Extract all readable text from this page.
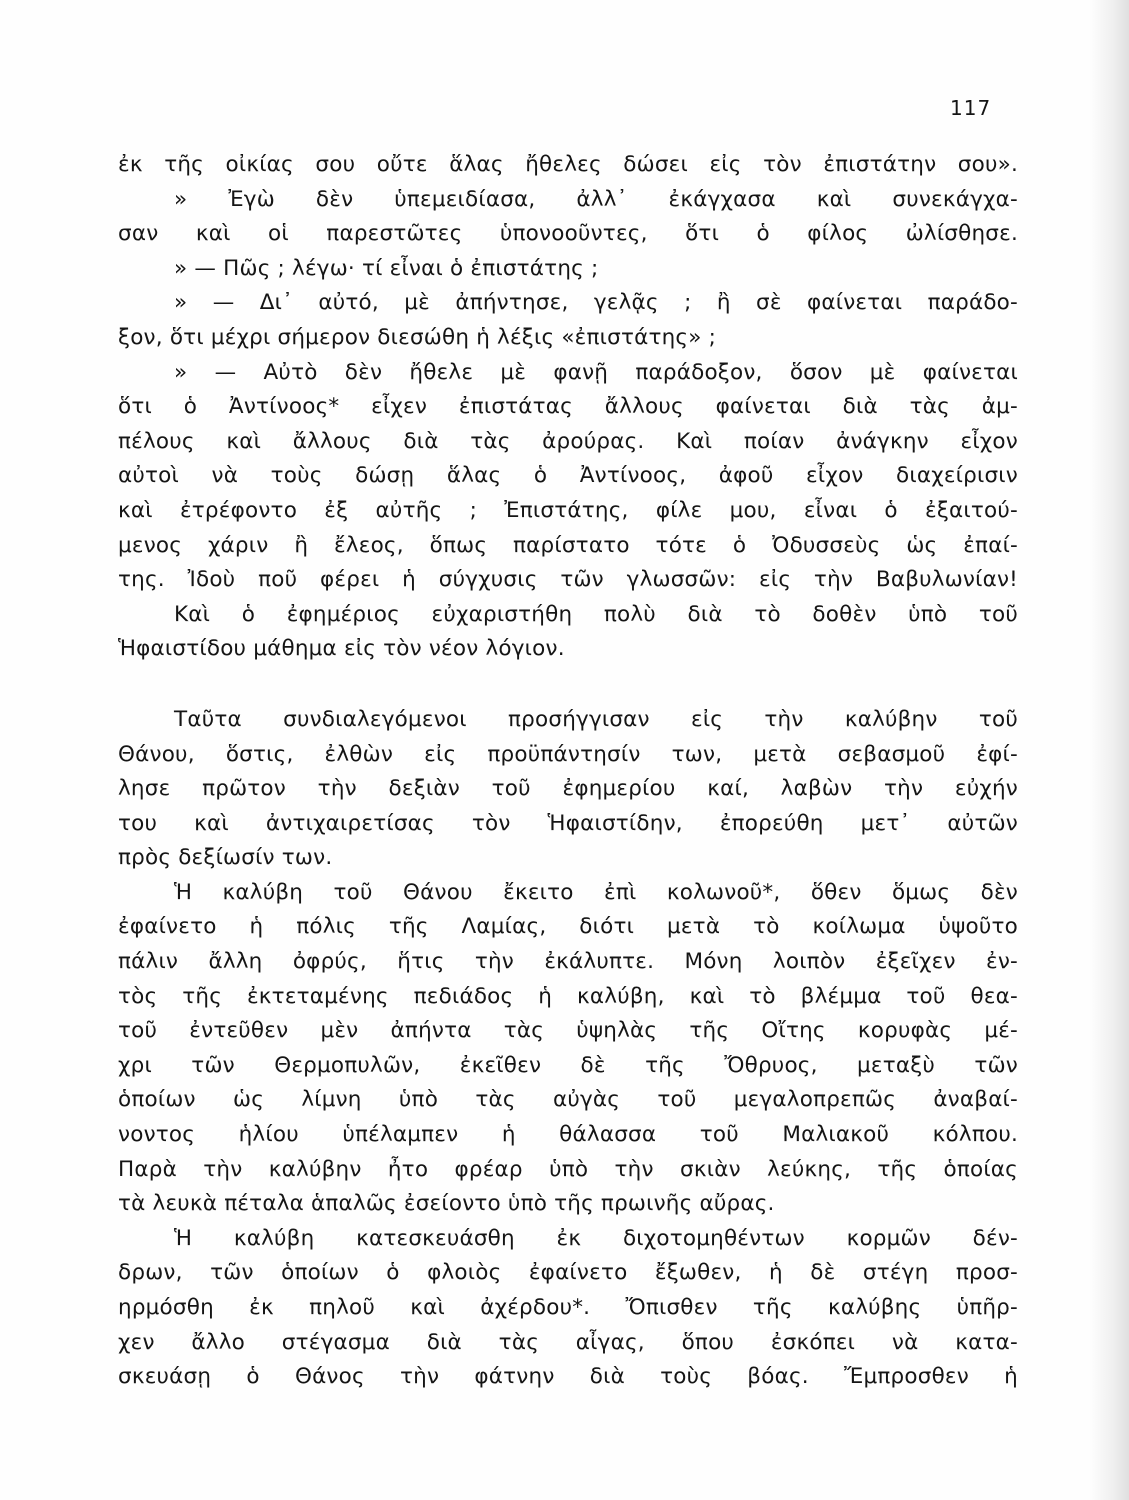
117
ἐκ τῆς οἰκίας σου οὔτε ἅλας ἤθελες δώσει εἰς τὸν ἐπιστάτην σου».
» Ἐγὼ δὲν ὑπεμειδίασα, ἀλλ᾿ ἐκάγχασα καὶ συνεκάγχα-
σαν καὶ οἱ παρεστῶτες ὑπονοοῦντες, ὅτι ὁ φίλος ὠλίσθησε.
» — Πῶς ; λέγω· τί εἶναι ὁ ἐπιστάτης ;
» — Δι᾿ αὐτό, μὲ ἀπήντησε, γελᾷς ; ἢ σὲ φαίνεται παράδο-
ξον, ὅτι μέχρι σήμερον διεσώθη ἡ λέξις «ἐπιστάτης» ;
» — Αὐτὸ δὲν ἤθελε μὲ φανῇ παράδοξον, ὅσον μὲ φαίνεται
ὅτι ὁ Ἀντίνοος* εἶχεν ἐπιστάτας ἄλλους φαίνεται διὰ τὰς ἀμ-
πέλους καὶ ἄλλους διὰ τὰς ἀρούρας. Καὶ ποίαν ἀνάγκην εἶχον
αὐτοὶ νὰ τοὺς δώσῃ ἅλας ὁ Ἀντίνοος, ἀφοῦ εἶχον διαχείρισιν
καὶ ἐτρέφοντο ἐξ αὐτῆς ; Ἐπιστάτης, φίλε μου, εἶναι ὁ ἐξαιτού-
μενος χάριν ἢ ἔλεος, ὅπως παρίστατο τότε ὁ Ὀδυσσεὺς ὡς ἐπαί-
της. Ἰδοὺ ποῦ φέρει ἡ σύγχυσις τῶν γλωσσῶν: εἰς τὴν Βαβυλωνίαν!
Καὶ ὁ ἐφημέριος εὐχαριστήθη πολὺ διὰ τὸ δοθὲν ὑπὸ τοῦ
Ἡφαιστίδου μάθημα εἰς τὸν νέον λόγιον.
Ταῦτα συνδιαλεγόμενοι προσήγγισαν εἰς τὴν καλύβην τοῦ
Θάνου, ὅστις, ἐλθὼν εἰς προϋπάντησίν των, μετὰ σεβασμοῦ ἐφί-
λησε πρῶτον τὴν δεξιὰν τοῦ ἐφημερίου καί, λαβὼν τὴν εὐχήν
του καὶ ἀντιχαιρετίσας τὸν Ἡφαιστίδην, ἐπορεύθη μετ᾿ αὐτῶν
πρὸς δεξίωσίν των.
Ἡ καλύβη τοῦ Θάνου ἔκειτο ἐπὶ κολωνοῦ*, ὅθεν ὅμως δὲν
ἐφαίνετο ἡ πόλις τῆς Λαμίας, διότι μετὰ τὸ κοίλωμα ὑψοῦτο
πάλιν ἄλλη ὀφρύς, ἥτις τὴν ἐκάλυπτε. Μόνη λοιπὸν ἐξεῖχεν ἐν-
τὸς τῆς ἐκτεταμένης πεδιάδος ἡ καλύβη, καὶ τὸ βλέμμα τοῦ θεα-
τοῦ ἐντεῦθεν μὲν ἀπήντα τὰς ὑψηλὰς τῆς Οἴτης κορυφὰς μέ-
χρι τῶν Θερμοπυλῶν, ἐκεῖθεν δὲ τῆς Ὄθρυος, μεταξὺ τῶν
ὁποίων ὡς λίμνη ὑπὸ τὰς αὐγὰς τοῦ μεγαλοπρεπῶς ἀναβαί-
νοντος ἡλίου ὑπέλαμπεν ἡ θάλασσα τοῦ Μαλιακοῦ κόλπου.
Παρὰ τὴν καλύβην ἦτο φρέαρ ὑπὸ τὴν σκιὰν λεύκης, τῆς ὁποίας
τὰ λευκὰ πέταλα ἁπαλῶς ἐσείοντο ὑπὸ τῆς πρωινῆς αὔρας.
Ἡ καλύβη κατεσκευάσθη ἐκ διχοτομηθέντων κορμῶν δέν-
δρων, τῶν ὁποίων ὁ φλοιὸς ἐφαίνετο ἔξωθεν, ἡ δὲ στέγη προσ-
ηρμόσθη ἐκ πηλοῦ καὶ ἀχέρδου*. Ὄπισθεν τῆς καλύβης ὑπῆρ-
χεν ἄλλο στέγασμα διὰ τὰς αἶγας, ὅπου ἐσκόπει νὰ κατα-
σκευάσῃ ὁ Θάνος τὴν φάτνην διὰ τοὺς βόας. Ἔμπροσθεν ἡ
